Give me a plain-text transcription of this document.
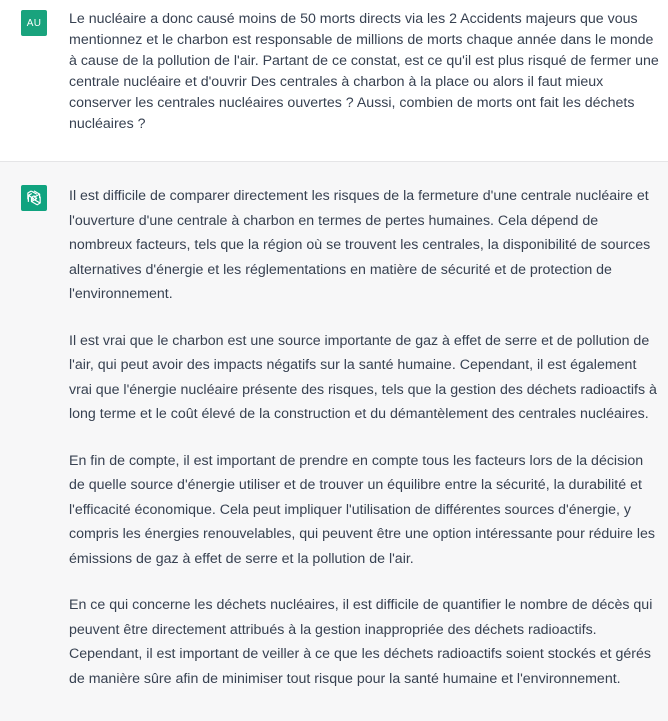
AU Le nucléaire a donc causé moins de 50 morts directs via les 2 Accidents majeurs que vous mentionnez et le charbon est responsable de millions de morts chaque année dans le monde à cause de la pollution de l'air. Partant de ce constat, est ce qu'il est plus risqué de fermer une centrale nucléaire et d'ouvrir Des centrales à charbon à la place ou alors il faut mieux conserver les centrales nucléaires ouvertes ? Aussi, combien de morts ont fait les déchets nucléaires ?

Il est difficile de comparer directement les risques de la fermeture d'une centrale nucléaire et l'ouverture d'une centrale à charbon en termes de pertes humaines. Cela dépend de nombreux facteurs, tels que la région où se trouvent les centrales, la disponibilité de sources alternatives d'énergie et les réglementations en matière de sécurité et de protection de l'environnement.

Il est vrai que le charbon est une source importante de gaz à effet de serre et de pollution de l'air, qui peut avoir des impacts négatifs sur la santé humaine. Cependant, il est également vrai que l'énergie nucléaire présente des risques, tels que la gestion des déchets radioactifs à long terme et le coût élevé de la construction et du démantèlement des centrales nucléaires.

En fin de compte, il est important de prendre en compte tous les facteurs lors de la décision de quelle source d'énergie utiliser et de trouver un équilibre entre la sécurité, la durabilité et l'efficacité économique. Cela peut impliquer l'utilisation de différentes sources d'énergie, y compris les énergies renouvelables, qui peuvent être une option intéressante pour réduire les émissions de gaz à effet de serre et la pollution de l'air.

En ce qui concerne les déchets nucléaires, il est difficile de quantifier le nombre de décès qui peuvent être directement attribués à la gestion inappropriée des déchets radioactifs. Cependant, il est important de veiller à ce que les déchets radioactifs soient stockés et gérés de manière sûre afin de minimiser tout risque pour la santé humaine et l'environnement.
